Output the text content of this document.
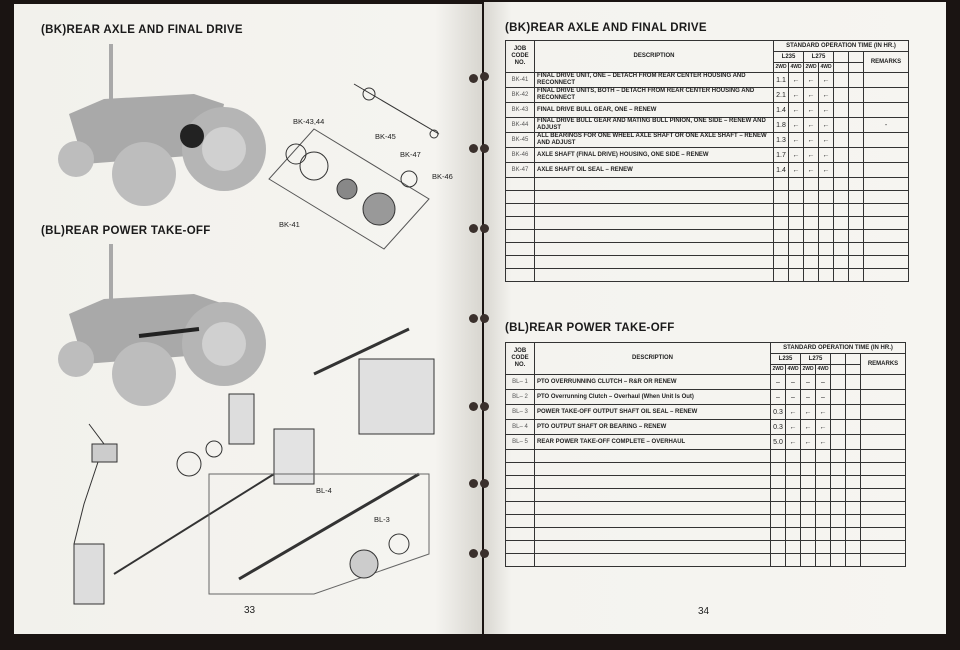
(BK)REAR AXLE AND FINAL DRIVE
(BL)REAR POWER TAKE-OFF
BK-43,44
BK-45
BK-47
BK-46
BK-41
BL-4
BL-3
33
(BK)REAR AXLE AND FINAL DRIVE
(BL)REAR POWER TAKE-OFF
JOB CODE NO.	DESCRIPTION	STANDARD OPERATION TIME (IN HR.)						
		L235		L275				REMARKS
		2WD	4WD	2WD	4WD			
BK-41	FINAL DRIVE UNIT, ONE – DETACH FROM REAR CENTER HOUSING AND RECONNECT	1.1	←	←	←			
BK-42	FINAL DRIVE UNITS, BOTH – DETACH FROM REAR CENTER HOUSING AND RECONNECT	2.1	←	←	←			
BK-43	FINAL DRIVE BULL GEAR, ONE – RENEW	1.4	←	←	←			
BK-44	FINAL DRIVE BULL GEAR AND MATING BULL PINION, ONE SIDE – RENEW AND ADJUST	1.8	←	←	←			-
BK-45	ALL BEARINGS FOR ONE WHEEL AXLE SHAFT OR ONE AXLE SHAFT – RENEW AND ADJUST	1.3	←	←	←			
BK-46	AXLE SHAFT (FINAL DRIVE) HOUSING, ONE SIDE – RENEW	1.7	←	←	←			
BK-47	AXLE SHAFT OIL SEAL – RENEW	1.4	←	←	←			

JOB CODE NO.	DESCRIPTION	STANDARD OPERATION TIME (IN HR.)						
		L235		L275				REMARKS
		2WD	4WD	2WD	4WD			
BL– 1	PTO OVERRUNNING CLUTCH – R&R OR RENEW	–	–	–	–			
BL– 2	PTO Overrunning Clutch – Overhaul (When Unit Is Out)	–	–	–	–			
BL– 3	POWER TAKE-OFF OUTPUT SHAFT OIL SEAL – RENEW	0.3	←	←	←			
BL– 4	PTO OUTPUT SHAFT OR BEARING – RENEW	0.3	←	←	←			
BL– 5	REAR POWER TAKE-OFF COMPLETE – OVERHAUL	5.0	←	←	←			

34
